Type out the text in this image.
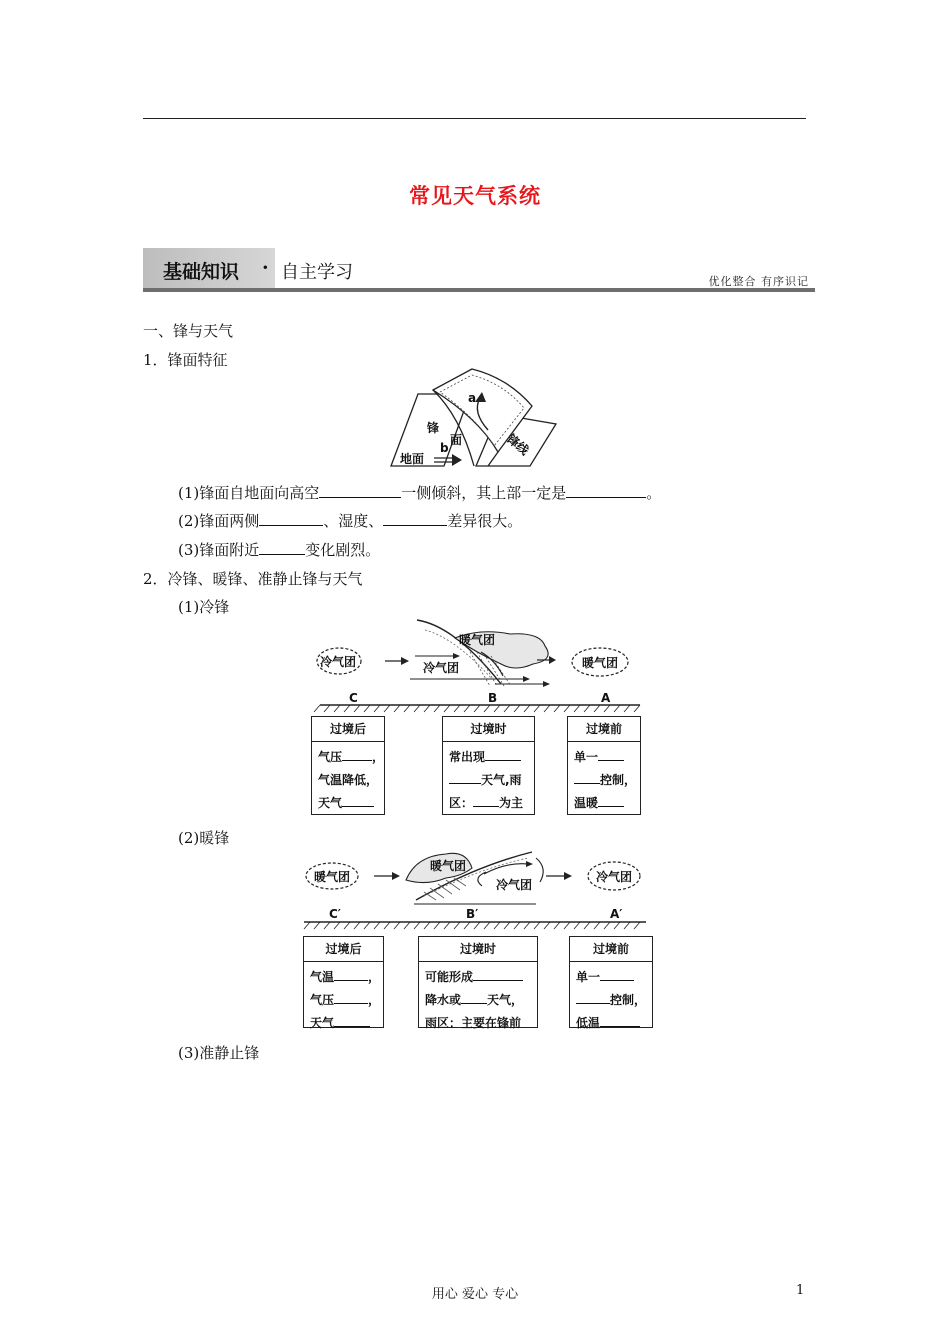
常见天气系统
基础知识 · 自主学习	优化整合 有序识记
一、锋与天气
1．锋面特征
a
b
锋
面	锋线
地面
(1)锋面自地面向高空	一侧倾斜，其上部一定是	。
(2)锋面两侧	、湿度、	差异很大。
(3)锋面附近	变化剧烈。
2．冷锋、暖锋、准静止锋与天气
(1)冷锋
冷气团
暖气团
冷气团	暖气团
C	B	A
过境后
气压	，
气温降低，
天气
过境时
常出现
天气,雨
区： 为主
过境前
单一
控制，
温暖
(2)暖锋
暖气团
暖气团
冷气团
冷气团
C′	B′	A′
过境后
气温	，
气压	，
天气
过境时
可能形成
降水或 天气，
雨区：主要在锋前
过境前
单一
控制，
低温
(3)准静止锋
用心 爱心 专心	1
